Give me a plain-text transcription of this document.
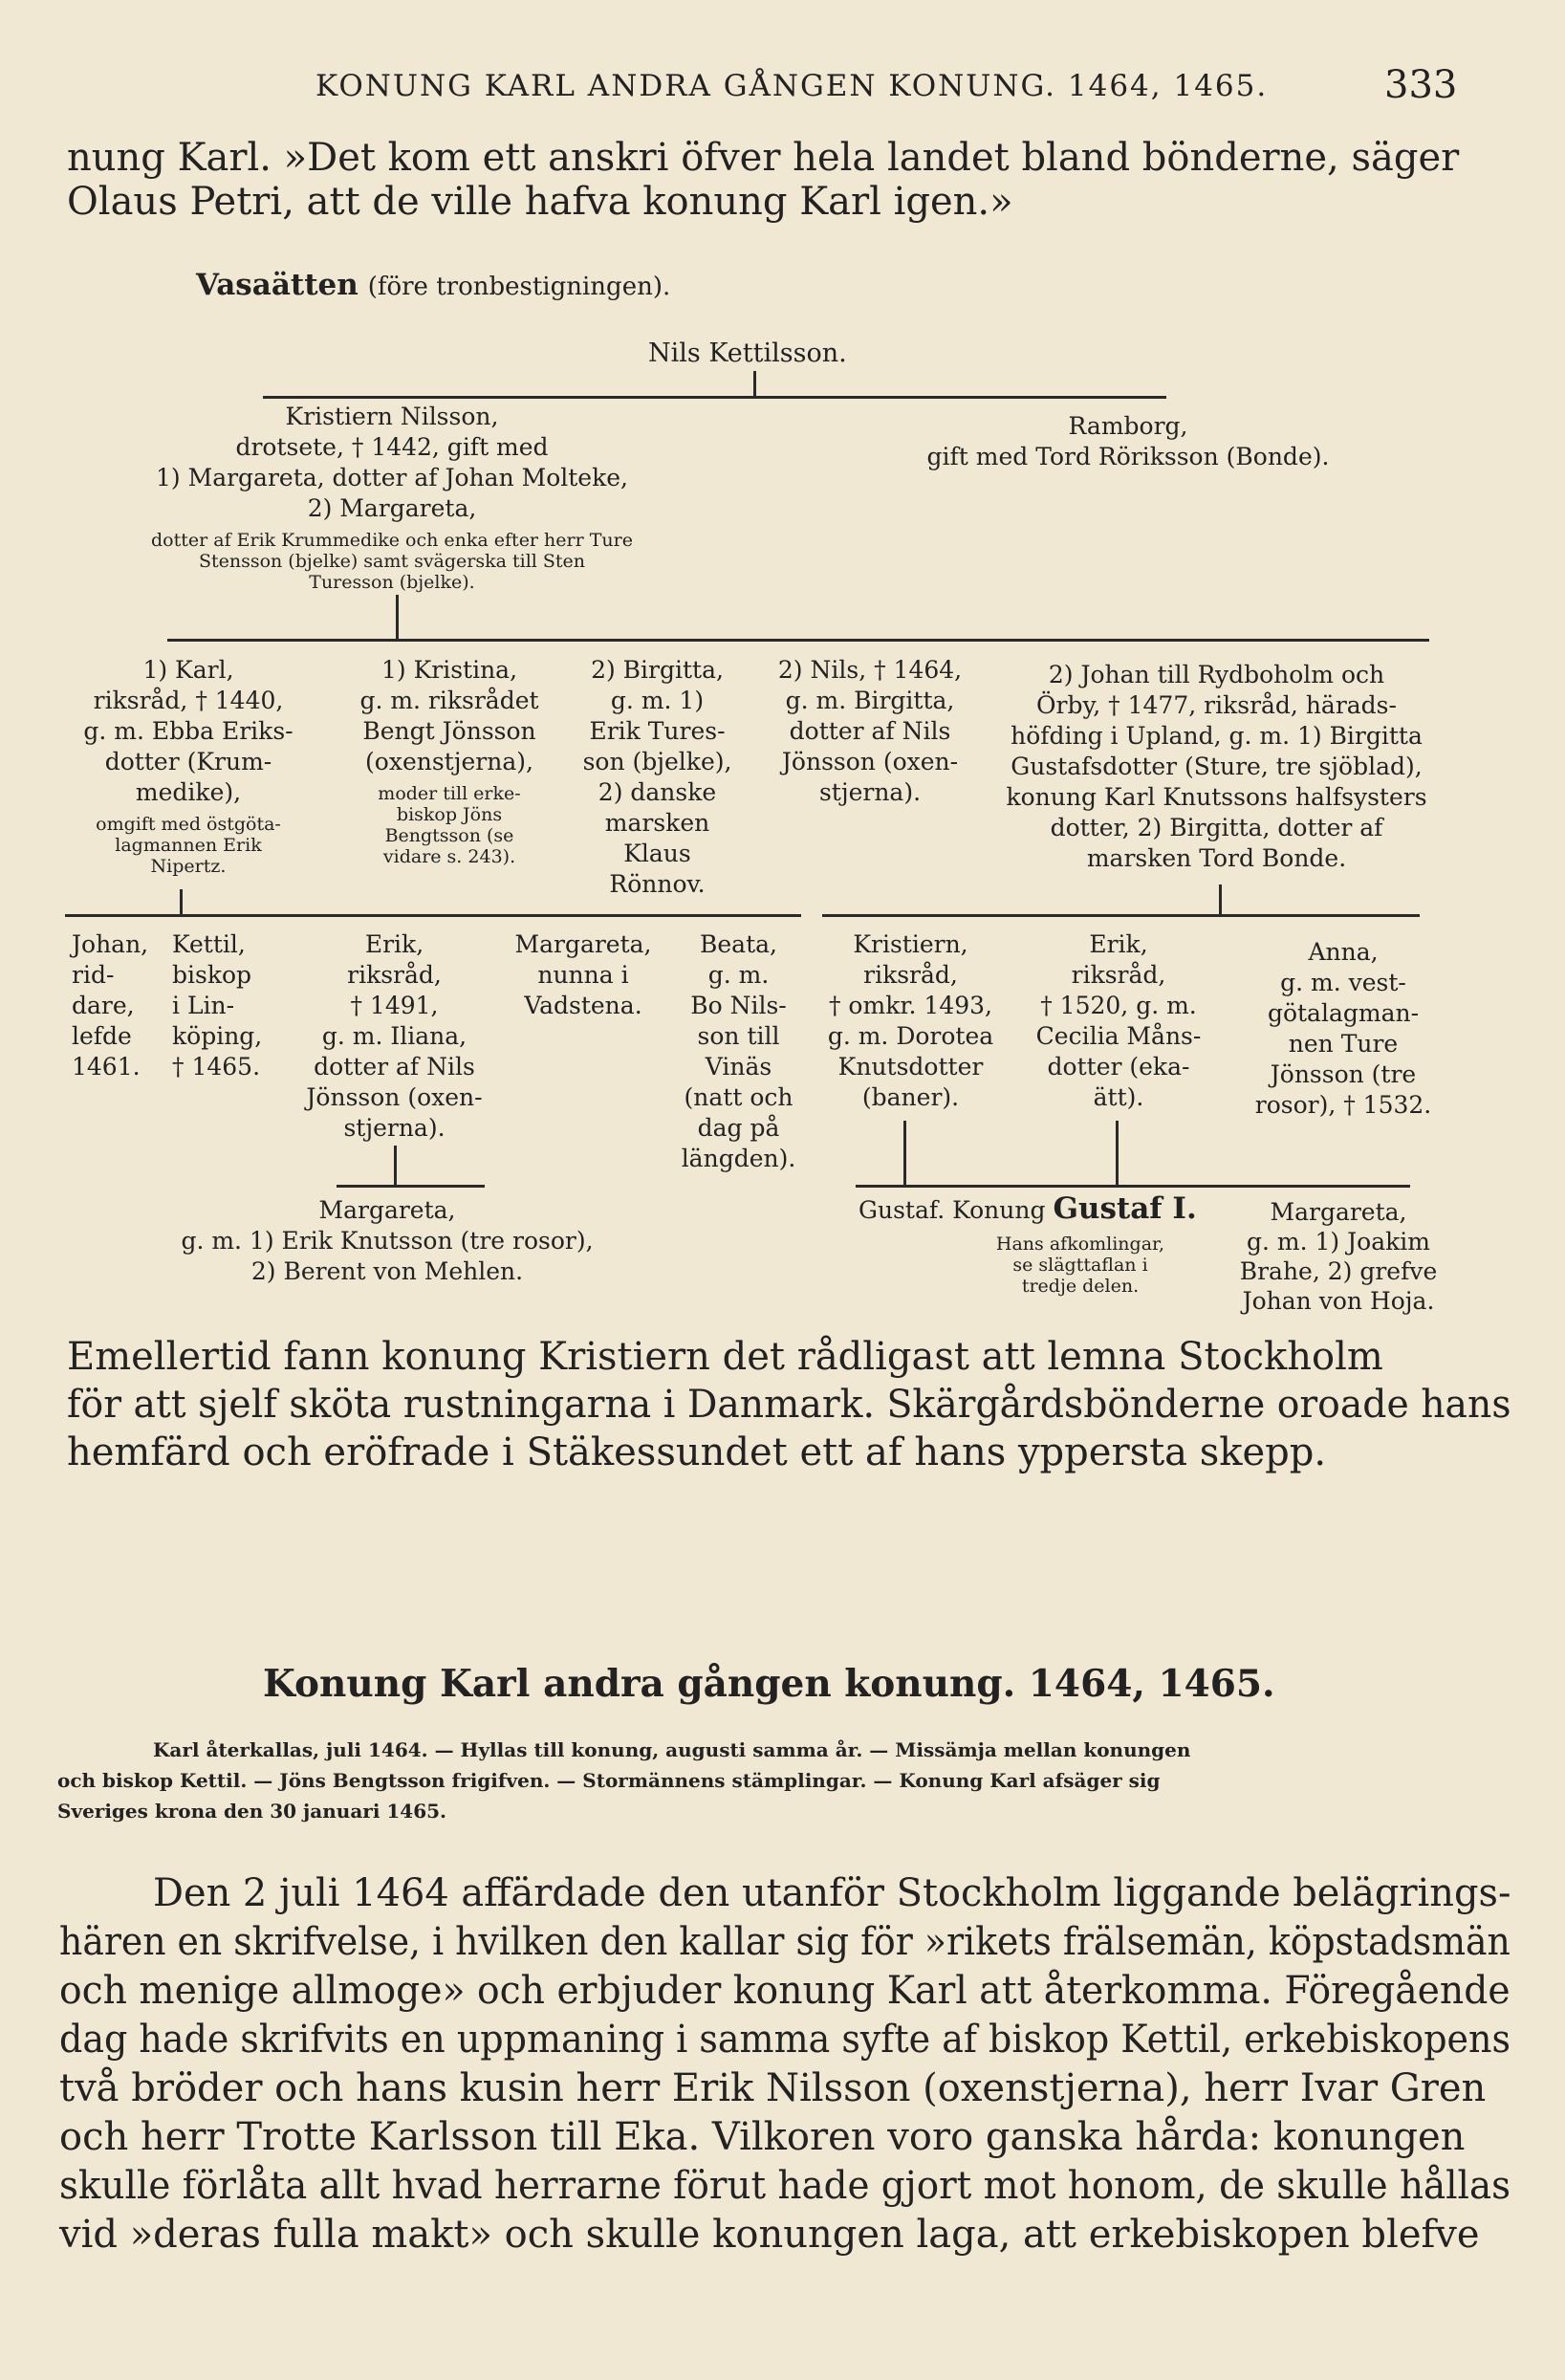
KONUNG KARL ANDRA GÅNGEN KONUNG. 1464, 1465.	333
nung Karl. »Det kom ett anskri öfver hela landet bland bönderne, säger
Olaus Petri, att de ville hafva konung Karl igen.»
Vasaätten (före tronbestigningen).
Nils Kettilsson.
Kristiern Nilsson,
drotsete, † 1442, gift med
1) Margareta, dotter af Johan Molteke,
2) Margareta,
dotter af Erik Krummedike och enka efter herr Ture
Stensson (bjelke) samt svägerska till Sten
Turesson (bjelke).
Ramborg,
gift med Tord Röriksson (Bonde).
1) Karl,
riksråd, † 1440,
g. m. Ebba Eriks-
dotter (Krum-
medike),
omgift med östgöta-
lagmannen Erik
Nipertz.
1) Kristina,
g. m. riksrådet
Bengt Jönsson
(oxenstjerna),
moder till erke-
biskop Jöns
Bengtsson (se
vidare s. 243).
2) Birgitta,
g. m. 1)
Erik Tures-
son (bjelke),
2) danske
marsken
Klaus
Rönnov.
2) Nils, † 1464,
g. m. Birgitta,
dotter af Nils
Jönsson (oxen-
stjerna).
2) Johan till Rydboholm och
Örby, † 1477, riksråd, härads-
höfding i Upland, g. m. 1) Birgitta
Gustafsdotter (Sture, tre sjöblad),
konung Karl Knutssons halfsysters
dotter, 2) Birgitta, dotter af
marsken Tord Bonde.
Johan,
rid-
dare,
lefde
1461.
Kettil,
biskop
i Lin-
köping,
† 1465.
Erik,
riksråd,
† 1491,
g. m. Iliana,
dotter af Nils
Jönsson (oxen-
stjerna).
Margareta,
nunna i
Vadstena.
Beata,
g. m.
Bo Nils-
son till
Vinäs
(natt och
dag på
längden).
Kristiern,
riksråd,
† omkr. 1493,
g. m. Dorotea
Knutsdotter
(baner).
Erik,
riksråd,
† 1520, g. m.
Cecilia Måns-
dotter (eka-
ätt).
Anna,
g. m. vest-
götalagman-
nen Ture
Jönsson (tre
rosor), † 1532.
Margareta,
g. m. 1) Erik Knutsson (tre rosor),
2) Berent von Mehlen.
Gustaf. Konung Gustaf I.
Hans afkomlingar,
se slägttaflan i
tredje delen.
Margareta,
g. m. 1) Joakim
Brahe, 2) grefve
Johan von Hoja.
Emellertid fann konung Kristiern det rådligast att lemna Stockholm
för att sjelf sköta rustningarna i Danmark. Skärgårdsbönderne oroade hans
hemfärd och eröfrade i Stäkessundet ett af hans yppersta skepp.
Konung Karl andra gången konung. 1464, 1465.
Karl återkallas, juli 1464. — Hyllas till konung, augusti samma år. — Missämja mellan konungen
och biskop Kettil. — Jöns Bengtsson frigifven. — Stormännens stämplingar. — Konung Karl afsäger sig
Sveriges krona den 30 januari 1465.
Den 2 juli 1464 affärdade den utanför Stockholm liggande belägrings-
hären en skrifvelse, i hvilken den kallar sig för »rikets frälsemän, köpstadsmän
och menige allmoge» och erbjuder konung Karl att återkomma. Föregående
dag hade skrifvits en uppmaning i samma syfte af biskop Kettil, erkebiskopens
två bröder och hans kusin herr Erik Nilsson (oxenstjerna), herr Ivar Gren
och herr Trotte Karlsson till Eka. Vilkoren voro ganska hårda: konungen
skulle förlåta allt hvad herrarne förut hade gjort mot honom, de skulle hållas
vid »deras fulla makt» och skulle konungen laga, att erkebiskopen blefve
